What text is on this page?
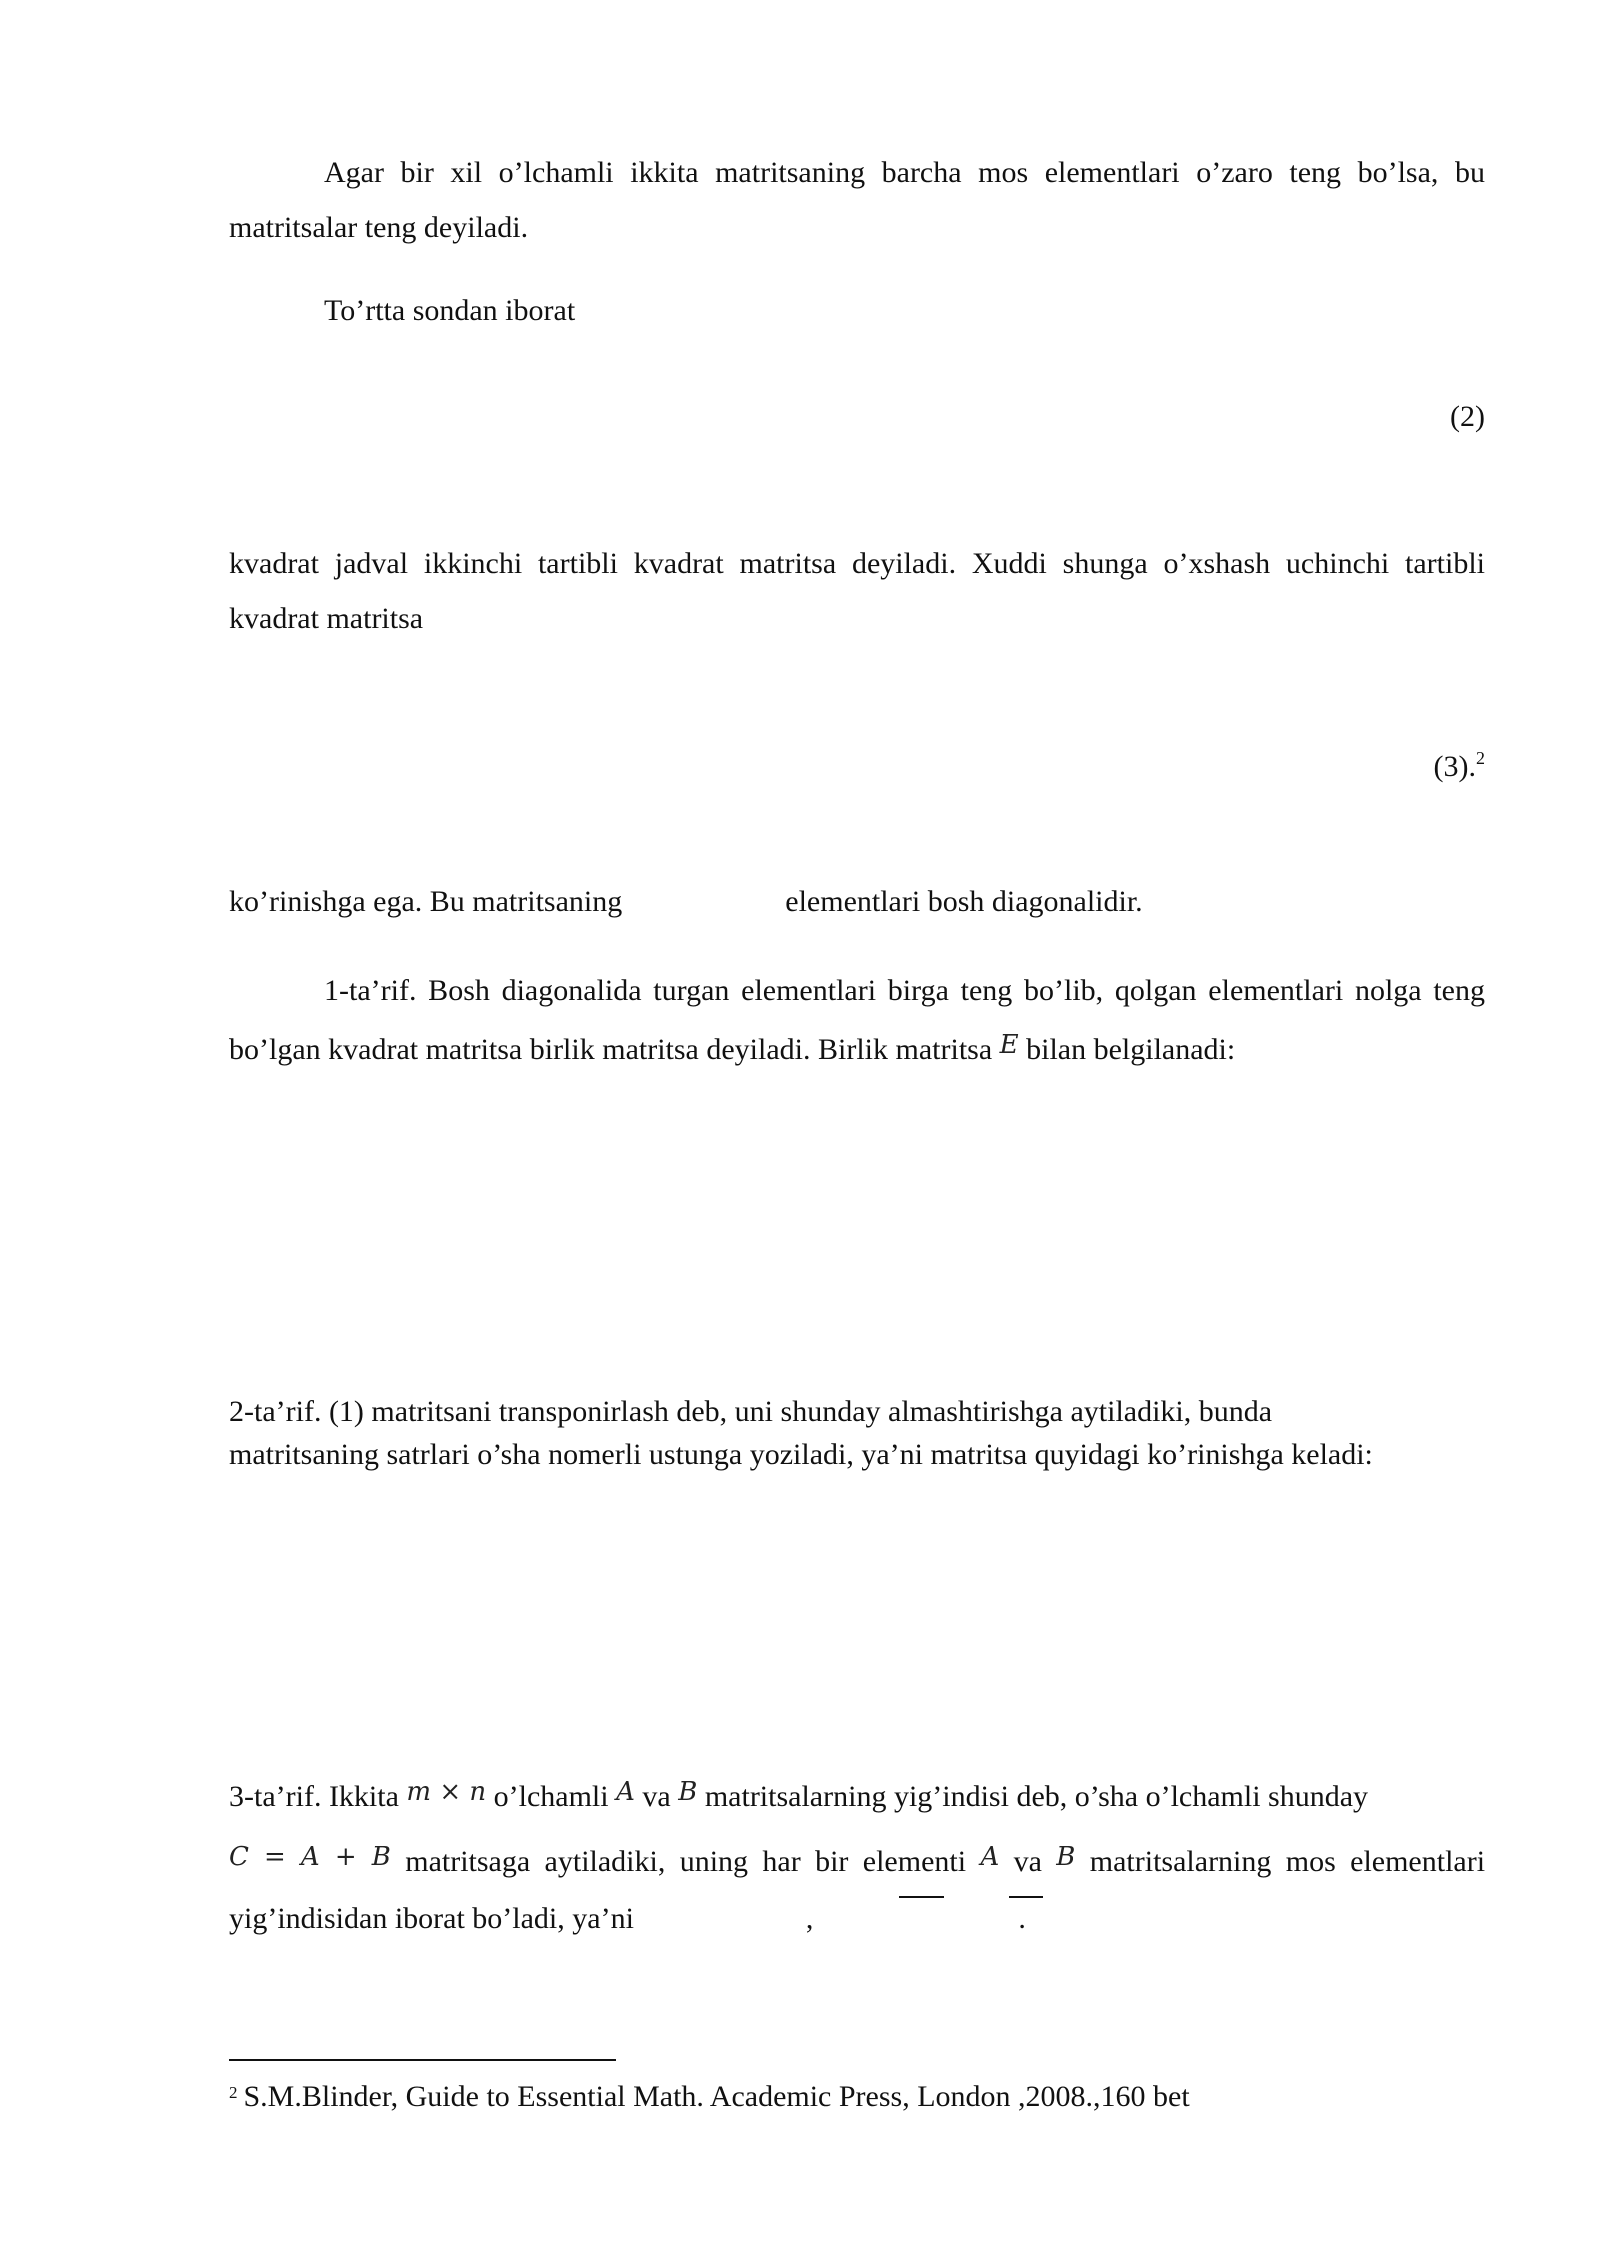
Agar bir xil o’lchamli ikkita matritsaning barcha mos elementlari o’zaro teng bo’lsa, bu matritsalar teng deyiladi.
To’rtta sondan iborat
(2)
kvadrat jadval ikkinchi tartibli kvadrat matritsa deyiladi. Xuddi shunga o’xshash uchinchi tartibli kvadrat matritsa
(3).$^2$
ko’rinishga ega. Bu matritsaning	elementlari bosh diagonalidir.
1-ta’rif. Bosh diagonalida turgan elementlari birga teng bo’lib, qolgan elementlari nolga teng bo’lgan kvadrat matritsa birlik matritsa deyiladi. Birlik matritsa E bilan belgilanadi:
2-ta’rif. (1) matritsani transponirlash deb, uni shunday almashtirishga aytiladiki, bunda
matritsaning satrlari o’sha nomerli ustunga yoziladi, ya’ni matritsa quyidagi ko’rinishga keladi:
3-ta’rif. Ikkita m × n o’lchamli A va B matritsalarning yig’indisi deb, o’sha o’lchamli shunday
C = A + B matritsaga aytiladiki, uning har bir elementi A va B matritsalarning mos elementlari
yig’indisidan iborat bo’ladi, ya’ni	,	.
$^2$ S.M.Blinder, Guide to Essential Math. Academic Press, London ,2008.,160 bet
